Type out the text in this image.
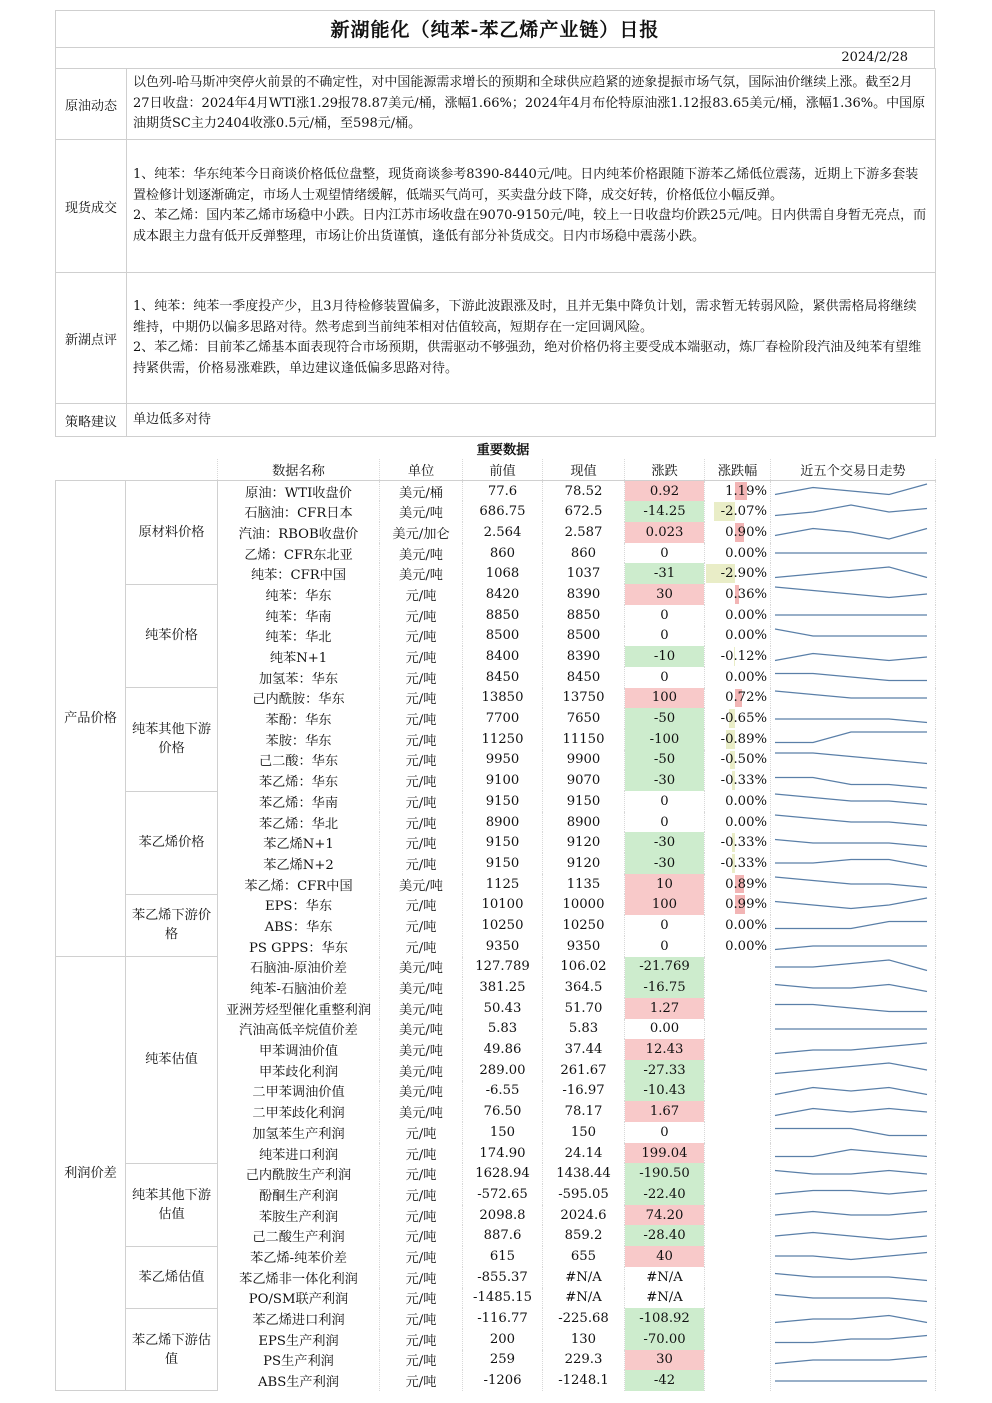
新湖能化（纯苯-苯乙烯产业链）日报
2024/2/28
原油动态	以色列-哈马斯冲突停火前景的不确定性，对中国能源需求增长的预期和全球供应趋紧的迹象提振市场气氛，国际油价继续上涨。截至2月27日收盘：2024年4月WTI涨1.29报78.87美元/桶，涨幅1.66%；2024年4月布伦特原油涨1.12报83.65美元/桶，涨幅1.36%。中国原油期货SC主力2404收涨0.5元/桶，至598元/桶。

现货成交	1、纯苯：华东纯苯今日商谈价格低位盘整，现货商谈参考8390-8440元/吨。日内纯苯价格跟随下游苯乙烯低位震荡，近期上下游多套装置检修计划逐渐确定，市场人士观望情绪缓解，低端买气尚可，买卖盘分歧下降，成交好转，价格低位小幅反弹。

2、苯乙烯：国内苯乙烯市场稳中小跌。日内江苏市场收盘在9070-9150元/吨，较上一日收盘均价跌25元/吨。日内供需自身暂无亮点，而成本跟主力盘有低开反弹整理，市场让价出货谨慎，逢低有部分补货成交。日内市场稳中震荡小跌。

新湖点评	1、纯苯：纯苯一季度投产少，且3月待检修装置偏多，下游此波跟涨及时，且并无集中降负计划，需求暂无转弱风险，紧供需格局将继续维持，中期仍以偏多思路对待。然考虑到当前纯苯相对估值较高，短期存在一定回调风险。

2、苯乙烯：目前苯乙烯基本面表现符合市场预期，供需驱动不够强劲，绝对价格仍将主要受成本端驱动，炼厂春检阶段汽油及纯苯有望维持紧供需，价格易涨难跌，单边建议逢低偏多思路对待。

策略建议	单边低多对待

		重要数据						
		数据名称	单位	前值	现值	涨跌	涨跌幅	近五个交易日走势
产品价格	原材料价格	原油：WTI收盘价	美元/桶	77.6	78.52	0.92	1.19%	

		石脑油：CFR日本	美元/吨	686.75	672.5	-14.25	-2.07%	

		汽油：RBOB收盘价	美元/加仑	2.564	2.587	0.023	0.90%	

		乙烯：CFR东北亚	美元/吨	860	860	0	0.00%	

		纯苯：CFR中国	美元/吨	1068	1037	-31	-2.90%	

	纯苯价格	纯苯：华东	元/吨	8420	8390	30	0.36%	

		纯苯：华南	元/吨	8850	8850	0	0.00%	

		纯苯：华北	元/吨	8500	8500	0	0.00%	

		纯苯N+1	元/吨	8400	8390	-10	-0.12%	

		加氢苯：华东	元/吨	8450	8450	0	0.00%	

	纯苯其他下游价格	己内酰胺：华东	元/吨	13850	13750	100	0.72%	

		苯酚：华东	元/吨	7700	7650	-50	-0.65%	

		苯胺：华东	元/吨	11250	11150	-100	-0.89%	

		己二酸：华东	元/吨	9950	9900	-50	-0.50%	

		苯乙烯：华东	元/吨	9100	9070	-30	-0.33%	

	苯乙烯价格	苯乙烯：华南	元/吨	9150	9150	0	0.00%	

		苯乙烯：华北	元/吨	8900	8900	0	0.00%	

		苯乙烯N+1	元/吨	9150	9120	-30	-0.33%	

		苯乙烯N+2	元/吨	9150	9120	-30	-0.33%	

		苯乙烯：CFR中国	美元/吨	1125	1135	10	0.89%	

	苯乙烯下游价格	EPS：华东	元/吨	10100	10000	100	0.99%	

		ABS：华东	元/吨	10250	10250	0	0.00%	

		PS GPPS：华东	元/吨	9350	9350	0	0.00%	

利润价差	纯苯估值	石脑油-原油价差	美元/吨	127.789	106.02	-21.769		

		纯苯-石脑油价差	美元/吨	381.25	364.5	-16.75		

		亚洲芳烃型催化重整利润	美元/吨	50.43	51.70	1.27		

		汽油高低辛烷值价差	美元/吨	5.83	5.83	0.00		

		甲苯调油价值	美元/吨	49.86	37.44	12.43		

		甲苯歧化利润	美元/吨	289.00	261.67	-27.33		

		二甲苯调油价值	美元/吨	-6.55	-16.97	-10.43		

		二甲苯歧化利润	美元/吨	76.50	78.17	1.67		

		加氢苯生产利润	元/吨	150	150	0		

		纯苯进口利润	元/吨	174.90	24.14	199.04		

	纯苯其他下游估值	己内酰胺生产利润	元/吨	1628.94	1438.44	-190.50		

		酚酮生产利润	元/吨	-572.65	-595.05	-22.40		

		苯胺生产利润	元/吨	2098.8	2024.6	74.20		

		己二酸生产利润	元/吨	887.6	859.2	-28.40		

	苯乙烯估值	苯乙烯-纯苯价差	元/吨	615	655	40		

		苯乙烯非一体化利润	元/吨	-855.37	#N/A	#N/A		

		PO/SM联产利润	元/吨	-1485.15	#N/A	#N/A		

	苯乙烯下游估值	苯乙烯进口利润	元/吨	-116.77	-225.68	-108.92		

		EPS生产利润	元/吨	200	130	-70.00		

		PS生产利润	元/吨	259	229.3	30		

		ABS生产利润	元/吨	-1206	-1248.1	-42		
